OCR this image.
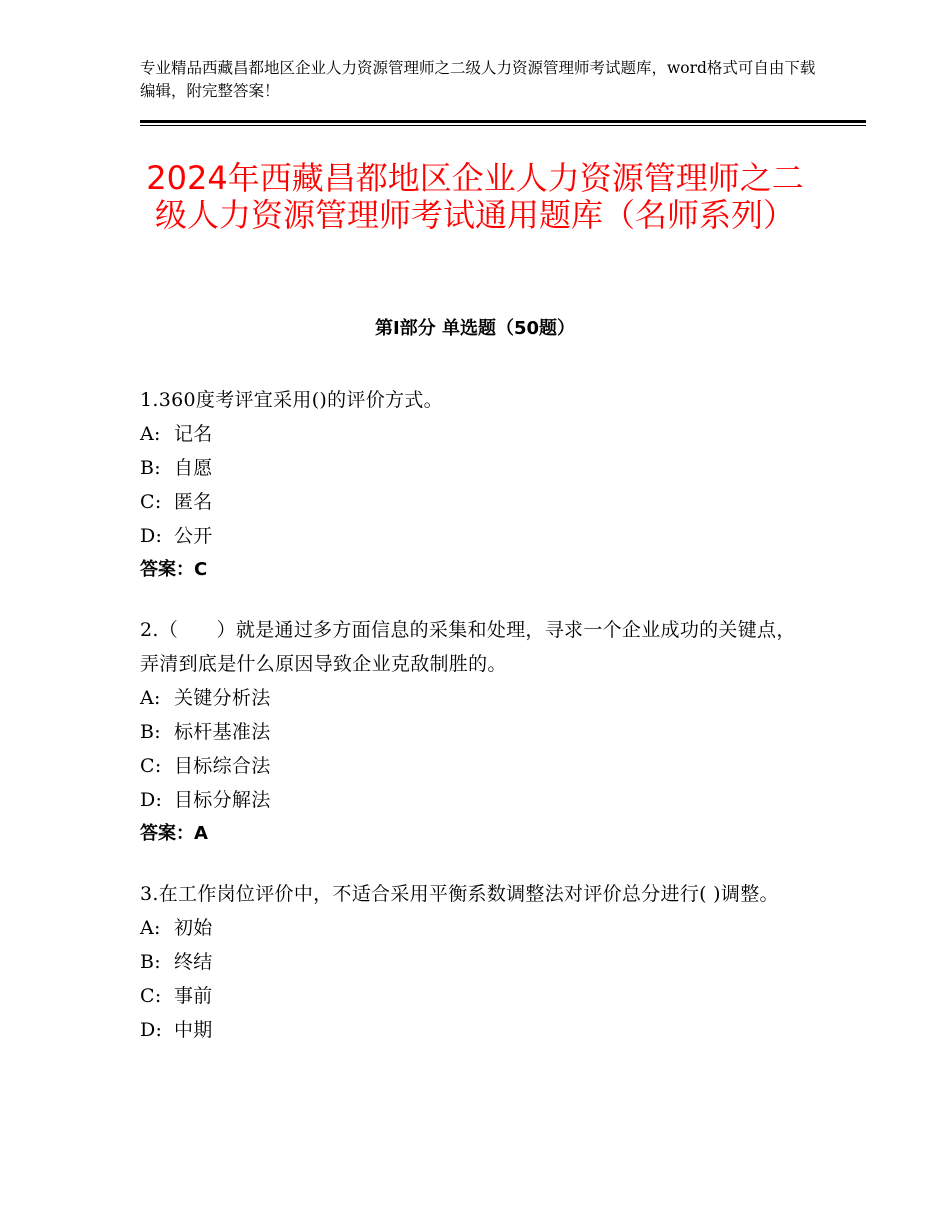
专业精品西藏昌都地区企业人力资源管理师之二级人力资源管理师考试题库，word格式可自由下载编辑，附完整答案！
2024年西藏昌都地区企业人力资源管理师之二级人力资源管理师考试通用题库（名师系列）
第Ⅰ部分 单选题（50题）
1.360度考评宜采用()的评价方式。
A: 记名
B: 自愿
C: 匿名
D: 公开
答案：C
2.（　　）就是通过多方面信息的采集和处理，寻求一个企业成功的关键点，弄清到底是什么原因导致企业克敌制胜的。
A: 关键分析法
B: 标杆基准法
C: 目标综合法
D: 目标分解法
答案：A
3.在工作岗位评价中，不适合采用平衡系数调整法对评价总分进行( )调整。
A: 初始
B: 终结
C: 事前
D: 中期
